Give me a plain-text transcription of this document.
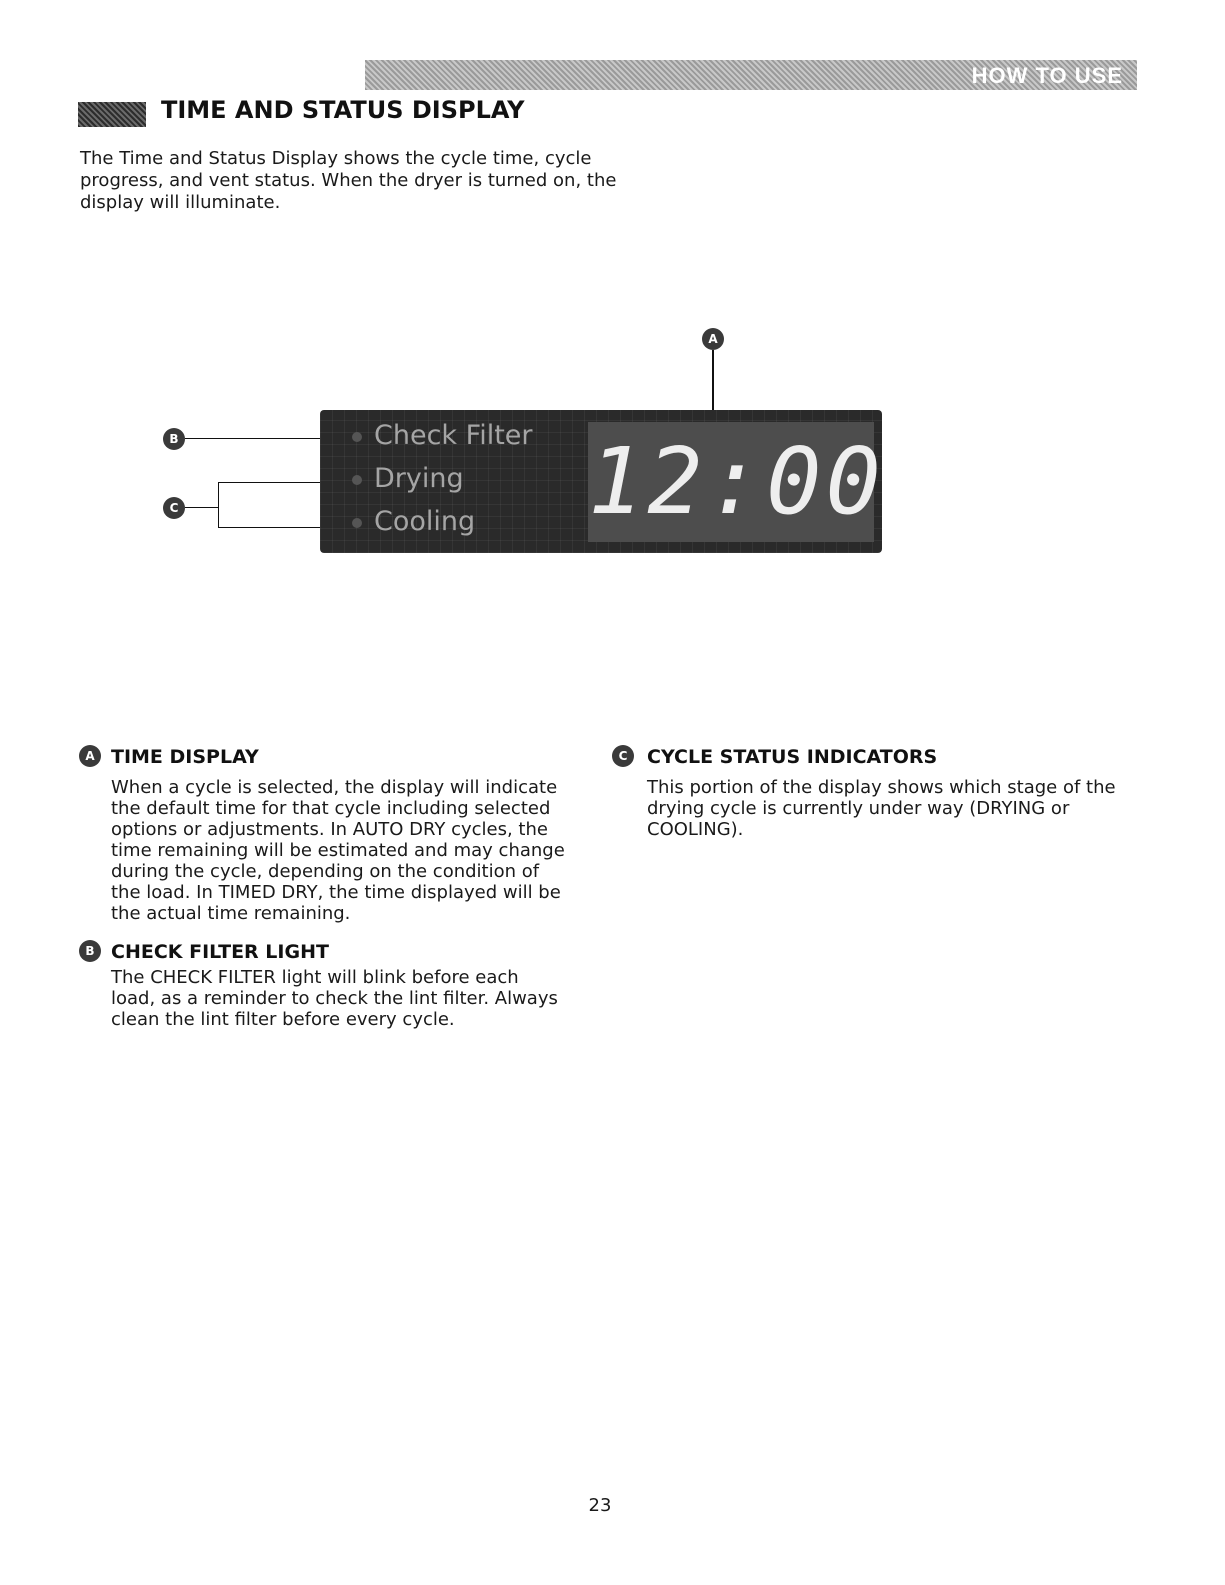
HOW TO USE
TIME AND STATUS DISPLAY
The Time and Status Display shows the cycle time, cycle progress, and vent status. When the dryer is turned on, the display will illuminate.
A
B
C
Check Filter
Drying
Cooling 12:00
A TIME DISPLAY
When a cycle is selected, the display will indicate the default time for that cycle including selected options or adjustments. In AUTO DRY cycles, the time remaining will be estimated and may change during the cycle, depending on the condition of the load. In TIMED DRY, the time displayed will be the actual time remaining.
B CHECK FILTER LIGHT
The CHECK FILTER light will blink before each load, as a reminder to check the lint filter. Always clean the lint filter before every cycle.
C	CYCLE STATUS INDICATORS
This portion of the display shows which stage of the drying cycle is currently under way (DRYING or COOLING).
23
